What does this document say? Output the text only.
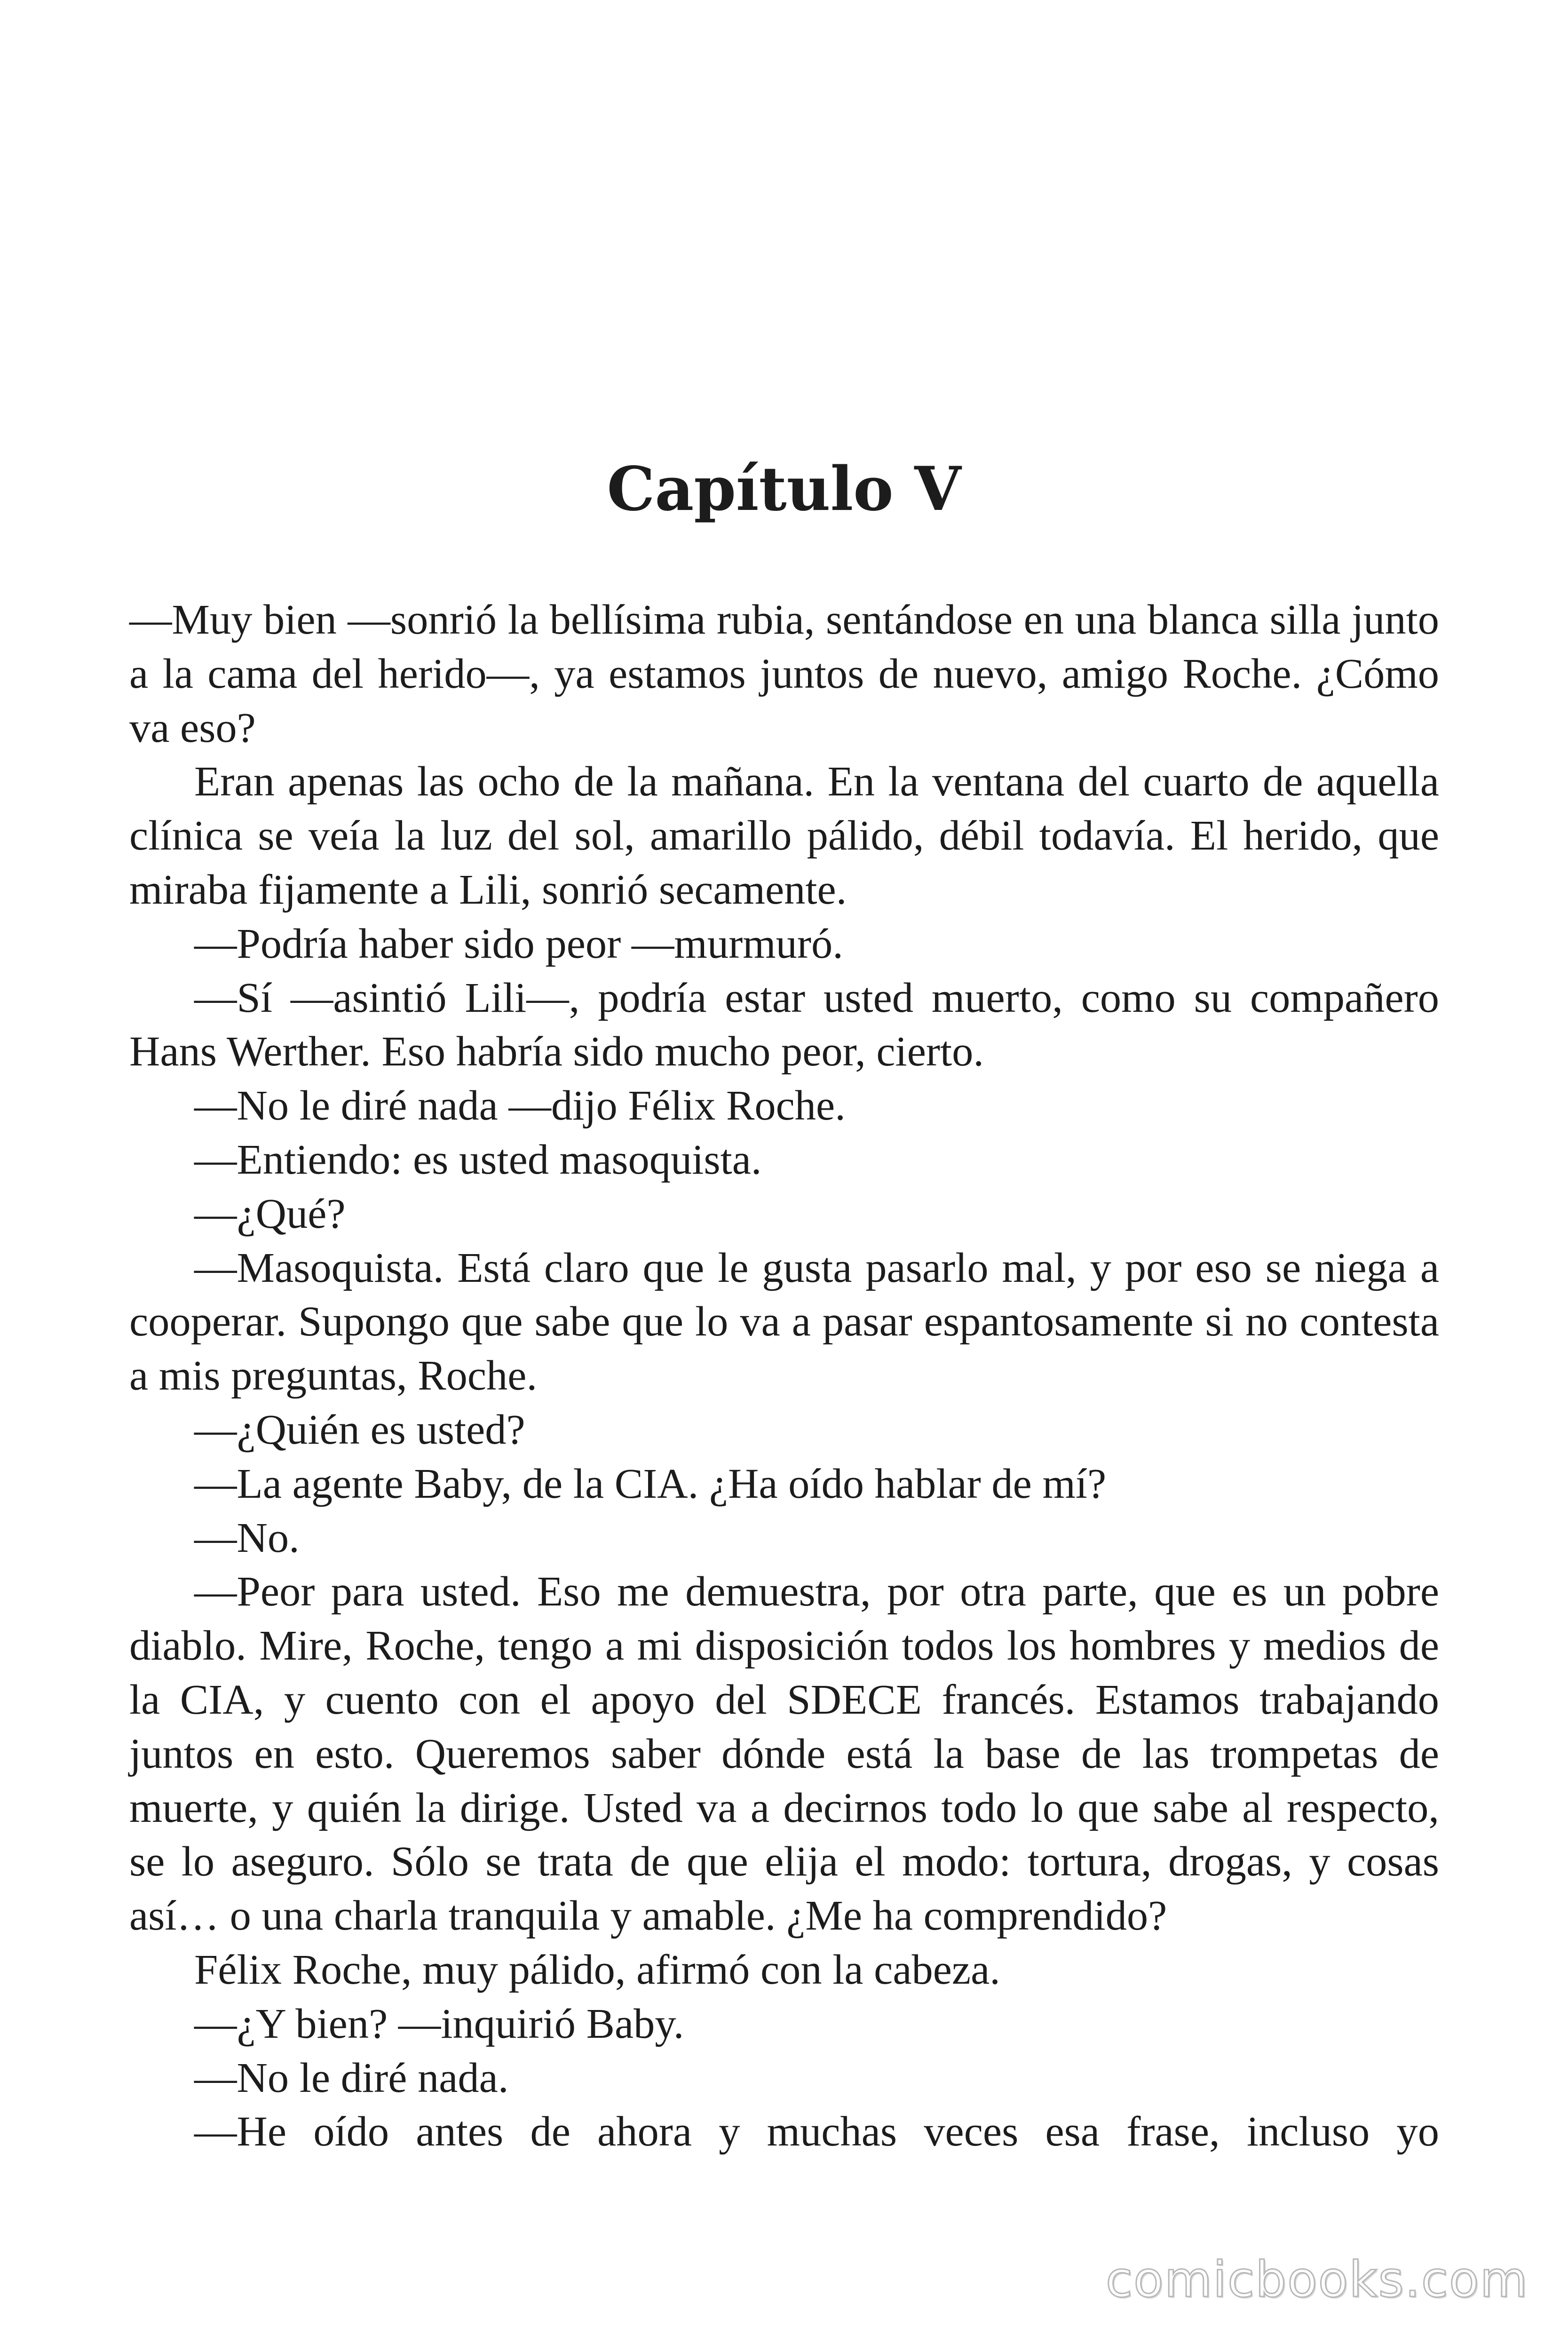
Capítulo V

—Muy bien —sonrió la bellísima rubia, sentándose en una blanca silla junto a la cama del herido—, ya estamos juntos de nuevo, amigo Roche. ¿Cómo va eso?

Eran apenas las ocho de la mañana. En la ventana del cuarto de aquella clínica se veía la luz del sol, amarillo pálido, débil todavía. El herido, que miraba fijamente a Lili, sonrió secamente.

—Podría haber sido peor —murmuró.

—Sí —asintió Lili—, podría estar usted muerto, como su compañero Hans Werther. Eso habría sido mucho peor, cierto.

—No le diré nada —dijo Félix Roche.

—Entiendo: es usted masoquista.

—¿Qué?

—Masoquista. Está claro que le gusta pasarlo mal, y por eso se niega a cooperar. Supongo que sabe que lo va a pasar espantosamente si no contesta a mis preguntas, Roche.

—¿Quién es usted?

—La agente Baby, de la CIA. ¿Ha oído hablar de mí?

—No.

—Peor para usted. Eso me demuestra, por otra parte, que es un pobre diablo. Mire, Roche, tengo a mi disposición todos los hombres y medios de la CIA, y cuento con el apoyo del SDECE francés. Estamos trabajando juntos en esto. Queremos saber dónde está la base de las trompetas de muerte, y quién la dirige. Usted va a decirnos todo lo que sabe al respecto, se lo aseguro. Sólo se trata de que elija el modo: tortura, drogas, y cosas así… o una charla tranquila y amable. ¿Me ha comprendido?

Félix Roche, muy pálido, afirmó con la cabeza.

—¿Y bien? —inquirió Baby.

—No le diré nada.

—He oído antes de ahora y muchas veces esa frase, incluso yo

comicbooks.com
